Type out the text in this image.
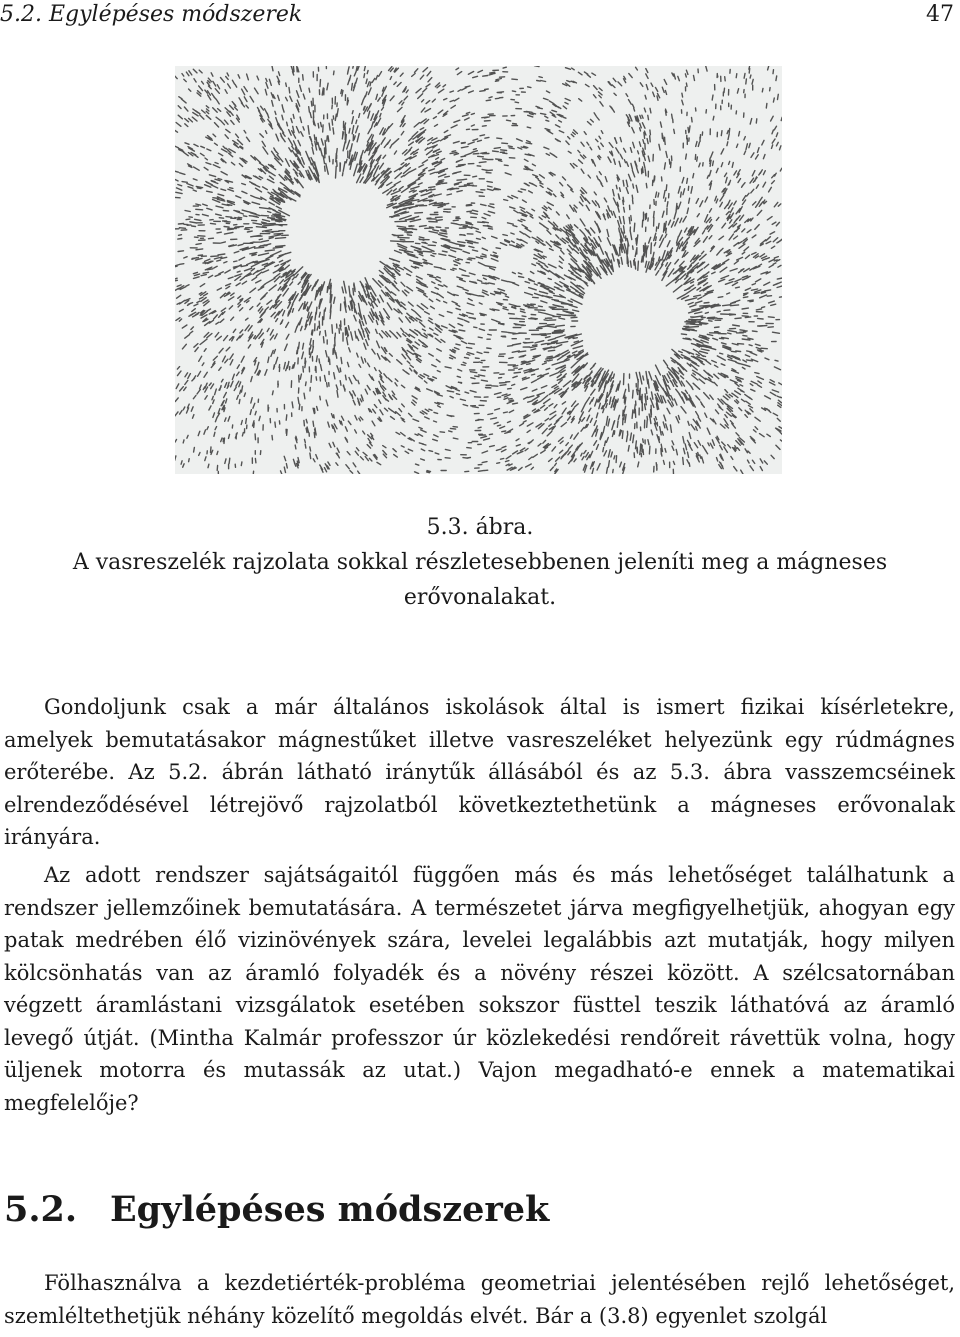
5.2. Egylépéses módszerek	47
5.3. ábra.
A vasreszelék rajzolata sokkal részletesebbenen jeleníti meg a mágneses erővonalakat.

Gondoljunk csak a már általános iskolások által is ismert fizikai kísérletekre, amelyek bemutatásakor mágnestűket illetve vasreszeléket helyezünk egy rúdmágnes erőterébe. Az 5.2. ábrán látható iránytűk állásából és az 5.3. ábra vasszemcséinek elrendeződésével létrejövő rajzolatból következtethetünk a mágneses erővonalak irányára.

Az adott rendszer sajátságaitól függően más és más lehetőséget találhatunk a rendszer jellemzőinek bemutatására. A természetet járva megfigyelhetjük, ahogyan egy patak medrében élő vizinövények szára, levelei legalábbis azt mutatják, hogy milyen kölcsönhatás van az áramló folyadék és a növény részei között. A szélcsatornában végzett áramlástani vizsgálatok esetében sokszor füsttel teszik láthatóvá az áramló levegő útját. (Mintha Kalmár professzor úr közlekedési rendőreit rávettük volna, hogy üljenek motorra és mutassák az utat.) Vajon megadható-e ennek a matematikai megfelelője?

5.2. Egylépéses módszerek

Fölhasználva a kezdetiérték-probléma geometriai jelentésében rejlő lehetőséget, szemléltethetjük néhány közelítő megoldás elvét. Bár a (3.8) egyenlet szolgál
